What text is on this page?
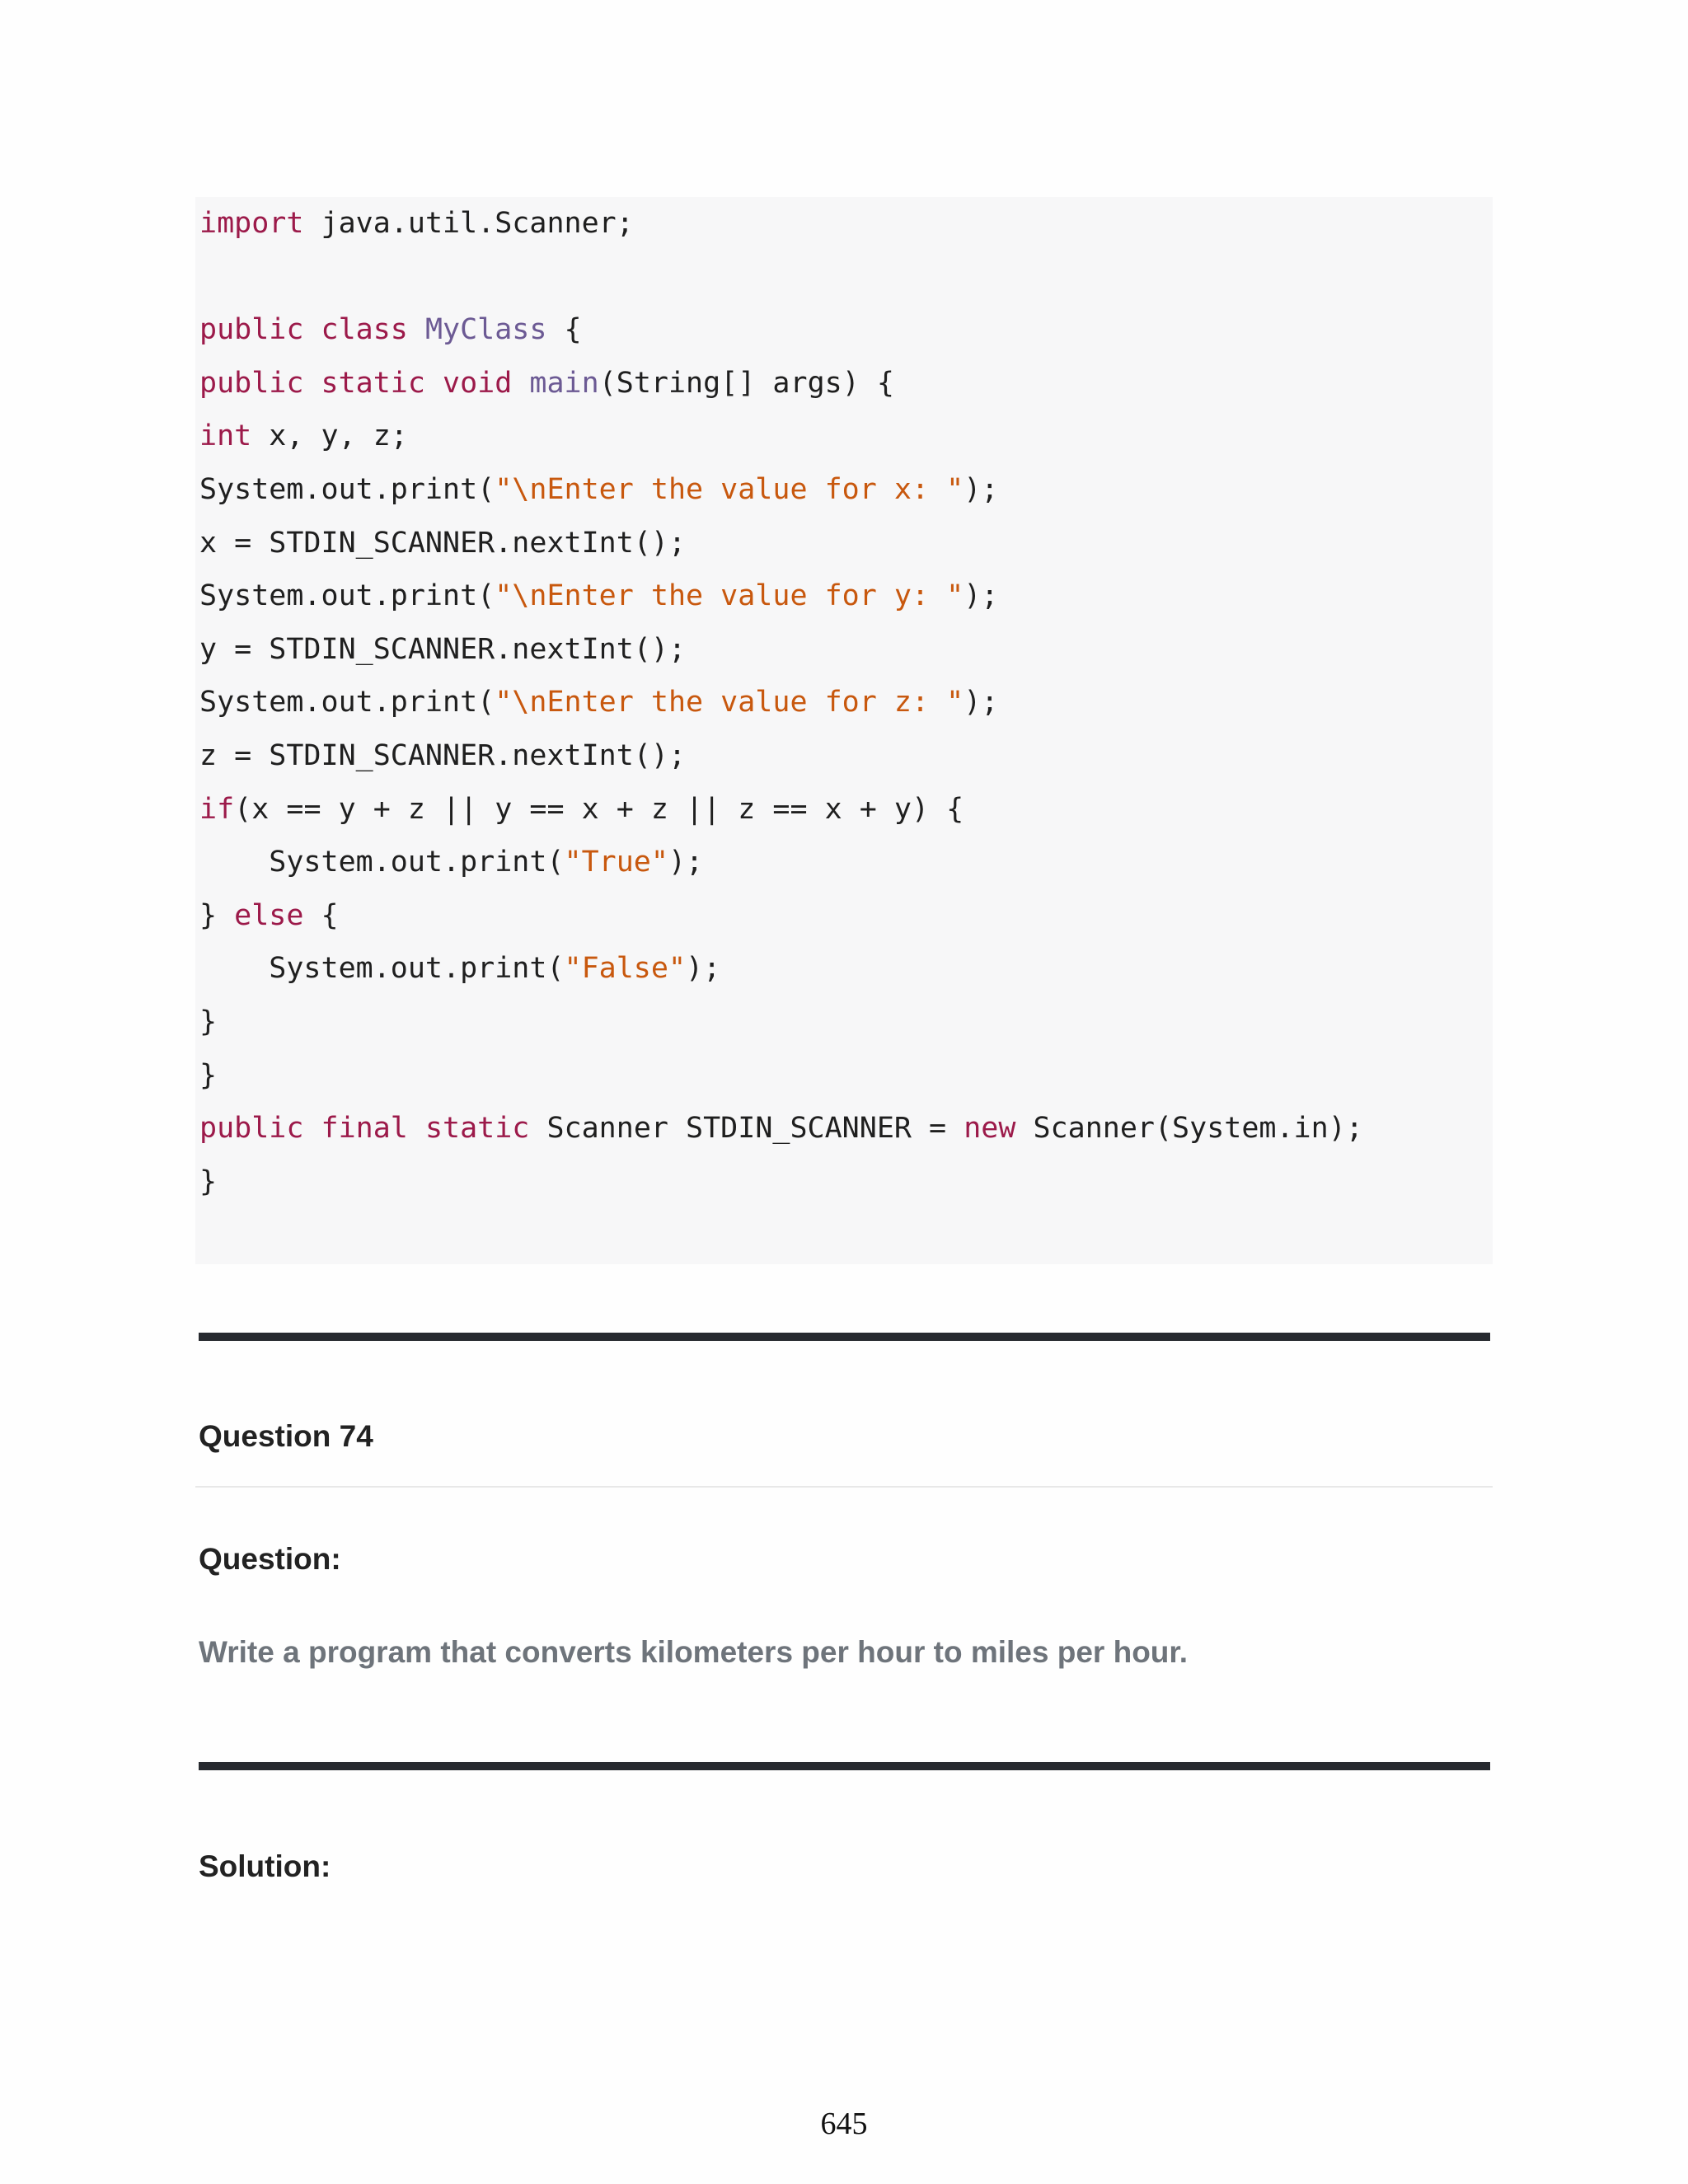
import java.util.Scanner;
public class MyClass {
public static void main(String[] args) {
int x, y, z;
System.out.print("\nEnter the value for x: ");
x = STDIN_SCANNER.nextInt();
System.out.print("\nEnter the value for y: ");
y = STDIN_SCANNER.nextInt();
System.out.print("\nEnter the value for z: ");
z = STDIN_SCANNER.nextInt();
if(x == y + z || y == x + z || z == x + y) {
System.out.print("True");
} else {
System.out.print("False");
}
}
public final static Scanner STDIN_SCANNER = new Scanner(System.in);
}
Question 74
Question:

Write a program that converts kilometers per hour to miles per hour.

Solution:
645
